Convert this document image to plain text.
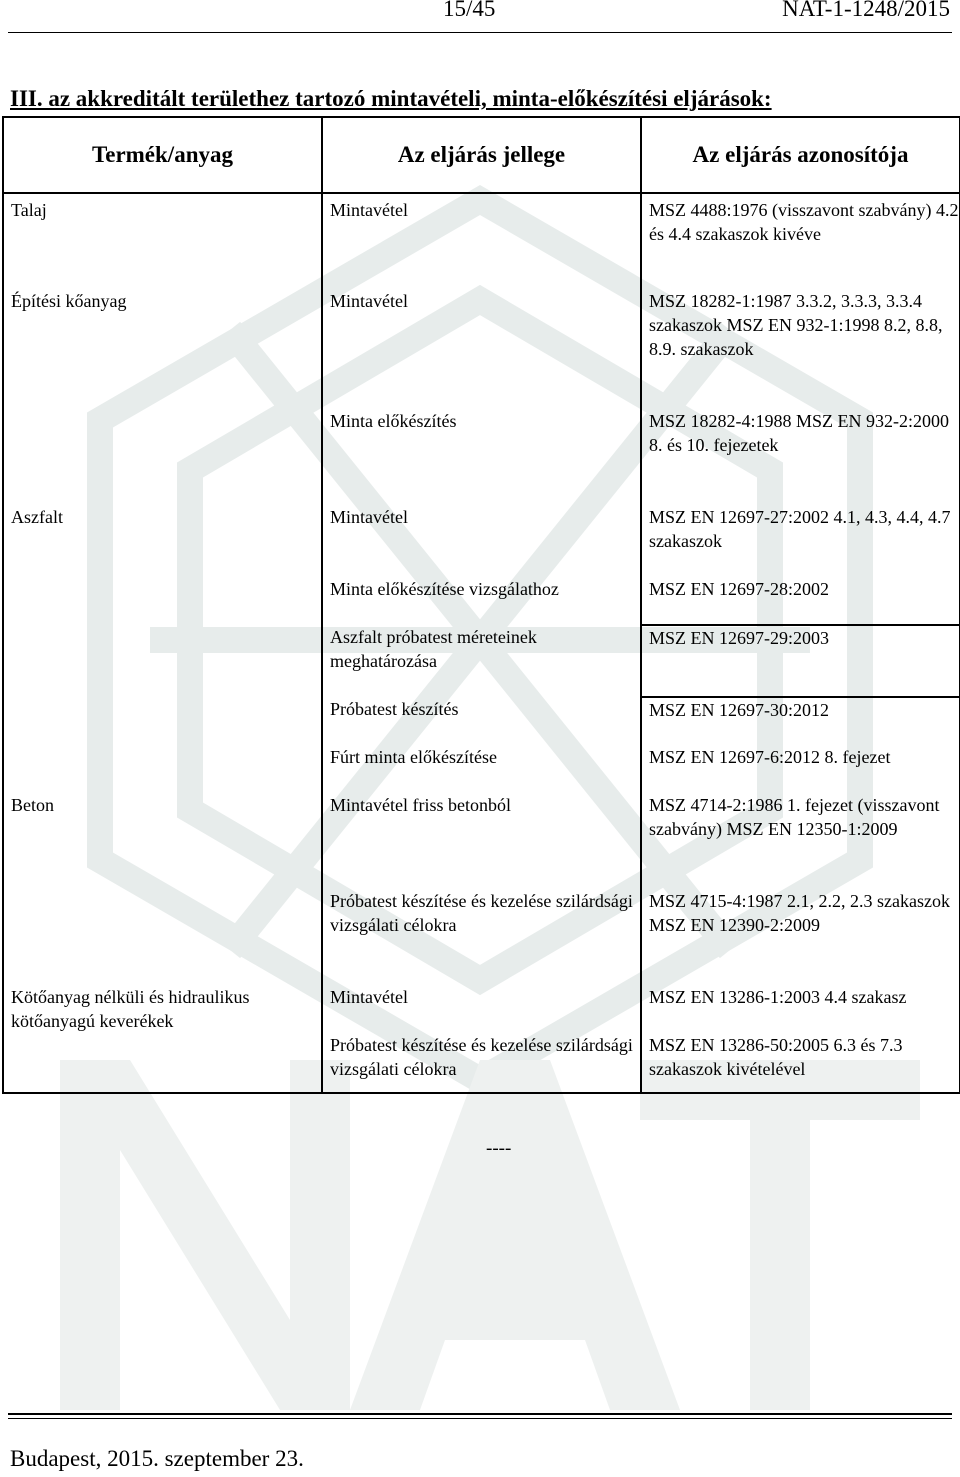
15/45	NAT-1-1248/2015
III. az akkreditált területhez tartozó mintavételi, minta-előkészítési eljárások:
Termék/anyag	Az eljárás jellege	Az eljárás azonosítója
Talaj	Mintavétel	MSZ 4488:1976 (visszavont szabvány) 4.2 és 4.4 szakaszok kivéve
Építési kőanyag	Mintavétel	MSZ 18282-1:1987 3.3.2, 3.3.3, 3.3.4 szakaszok MSZ EN 932-1:1998 8.2, 8.8, 8.9. szakaszok
	Minta előkészítés	MSZ 18282-4:1988 MSZ EN 932-2:2000 8. és 10. fejezetek
Aszfalt	Mintavétel	MSZ EN 12697-27:2002 4.1, 4.3, 4.4, 4.7 szakaszok
	Minta előkészítése vizsgálathoz	MSZ EN 12697-28:2002
	Aszfalt próbatest méreteinek meghatározása	MSZ EN 12697-29:2003
	Próbatest készítés	MSZ EN 12697-30:2012
	Fúrt minta előkészítése	MSZ EN 12697-6:2012 8. fejezet
Beton	Mintavétel friss betonból	MSZ 4714-2:1986 1. fejezet (visszavont szabvány) MSZ EN 12350-1:2009
	Próbatest készítése és kezelése szilárdsági vizsgálati célokra	MSZ 4715-4:1987 2.1, 2.2, 2.3 szakaszok MSZ EN 12390-2:2009
Kötőanyag nélküli és hidraulikus kötőanyagú keverékek	Mintavétel	MSZ EN 13286-1:2003 4.4 szakasz
	Próbatest készítése és kezelése szilárdsági vizsgálati célokra	MSZ EN 13286-50:2005 6.3 és 7.3 szakaszok kivételével
----
Budapest, 2015. szeptember 23.
